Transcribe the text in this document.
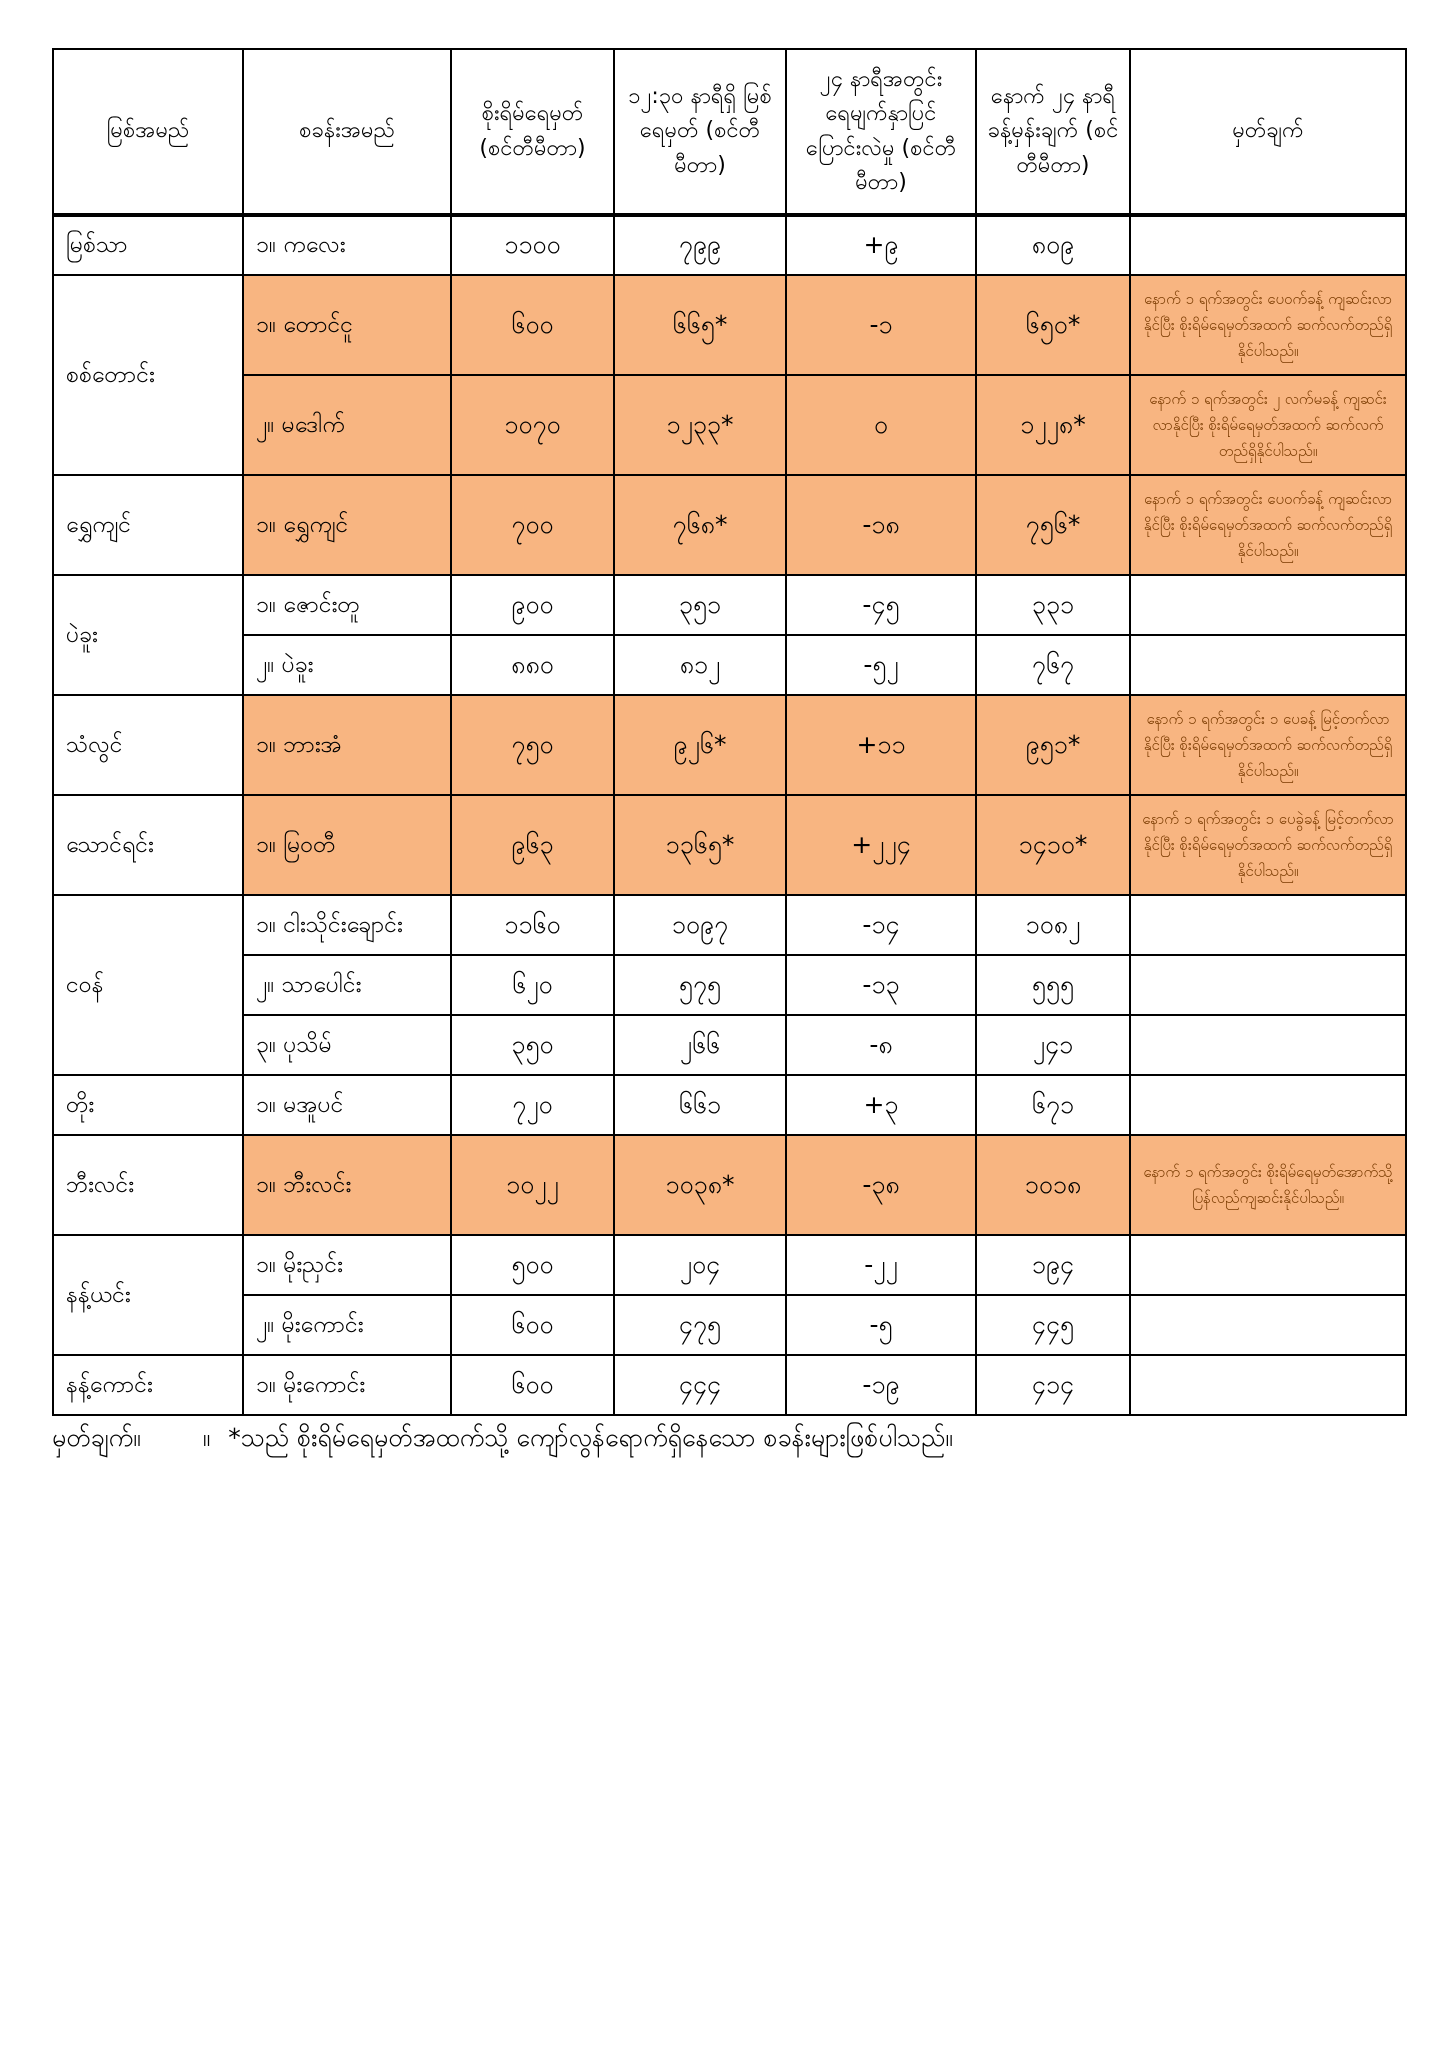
မြစ်အမည်	စခန်းအမည်	စိုးရိမ်ရေမှတ် (စင်တီမီတာ)	၁၂:၃၀ နာရီရှိ မြစ်ရေမှတ် (စင်တီမီတာ)	၂၄ နာရီအတွင်း ရေမျက်နှာပြင် ပြောင်းလဲမှု (စင်တီမီတာ)	နောက် ၂၄ နာရီ ခန့်မှန်းချက် (စင်တီမီတာ)	မှတ်ချက်
မြစ်သာ	၁။ ကလေး	၁၁၀၀	၇၉၉	+၉	၈၀၉	
စစ်တောင်း	၁။ တောင်ငူ	၆၀၀	၆၆၅*	-၁	၆၅၀*	နောက် ၁ ရက်အတွင်း ပေဝက်ခန့် ကျဆင်းလာနိုင်ပြီး စိုးရိမ်ရေမှတ်အထက် ဆက်လက်တည်ရှိနိုင်ပါသည်။
	၂။ မဒေါက်	၁၀၇၀	၁၂၃၃*	၀	၁၂၂၈*	နောက် ၁ ရက်အတွင်း ၂ လက်မခန့် ကျဆင်းလာနိုင်ပြီး စိုးရိမ်ရေမှတ်အထက် ဆက်လက်တည်ရှိနိုင်ပါသည်။
ရွှေကျင်	၁။ ရွှေကျင်	၇၀၀	၇၆၈*	-၁၈	၇၅၆*	နောက် ၁ ရက်အတွင်း ပေဝက်ခန့် ကျဆင်းလာနိုင်ပြီး စိုးရိမ်ရေမှတ်အထက် ဆက်လက်တည်ရှိနိုင်ပါသည်။
ပဲခူး	၁။ ဇောင်းတူ	၉၀၀	၃၅၁	-၄၅	၃၃၁	
	၂။ ပဲခူး	၈၈၀	၈၁၂	-၅၂	၇၆၇	
သံလွင်	၁။ ဘားအံ	၇၅၀	၉၂၆*	+၁၁	၉၅၁*	နောက် ၁ ရက်အတွင်း ၁ ပေခန့် မြင့်တက်လာနိုင်ပြီး စိုးရိမ်ရေမှတ်အထက် ဆက်လက်တည်ရှိနိုင်ပါသည်။
သောင်ရင်း	၁။ မြဝတီ	၉၆၃	၁၃၆၅*	+၂၂၄	၁၄၁၀*	နောက် ၁ ရက်အတွင်း ၁ ပေခွဲခန့် မြင့်တက်လာနိုင်ပြီး စိုးရိမ်ရေမှတ်အထက် ဆက်လက်တည်ရှိနိုင်ပါသည်။
ငဝန်	၁။ ငါးသိုင်းချောင်း	၁၁၆၀	၁၀၉၇	-၁၄	၁၀၈၂	
	၂။ သာပေါင်း	၆၂၀	၅၇၅	-၁၃	၅၅၅	
	၃။ ပုသိမ်	၃၅၀	၂၆၆	-၈	၂၄၁	
တိုး	၁။ မအူပင်	၇၂၀	၆၆၁	+၃	၆၇၁	
ဘီးလင်း	၁။ ဘီးလင်း	၁၀၂၂	၁၀၃၈*	-၃၈	၁၀၁၈	နောက် ၁ ရက်အတွင်း စိုးရိမ်ရေမှတ်အောက်သို့ ပြန်လည်ကျဆင်းနိုင်ပါသည်။
နန့်ယင်း	၁။ မိုးညှင်း	၅၀၀	၂၀၄	-၂၂	၁၉၄	
	၂။ မိုးကောင်း	၆၀၀	၄၇၅	-၅	၄၄၅	
နန့်ကောင်း	၁။ မိုးကောင်း	၆၀၀	၄၄၄	-၁၉	၄၁၄	
မှတ်ချက်။ ။ *သည် စိုးရိမ်ရေမှတ်အထက်သို့ ကျော်လွန်ရောက်ရှိနေသော စခန်းများဖြစ်ပါသည်။
